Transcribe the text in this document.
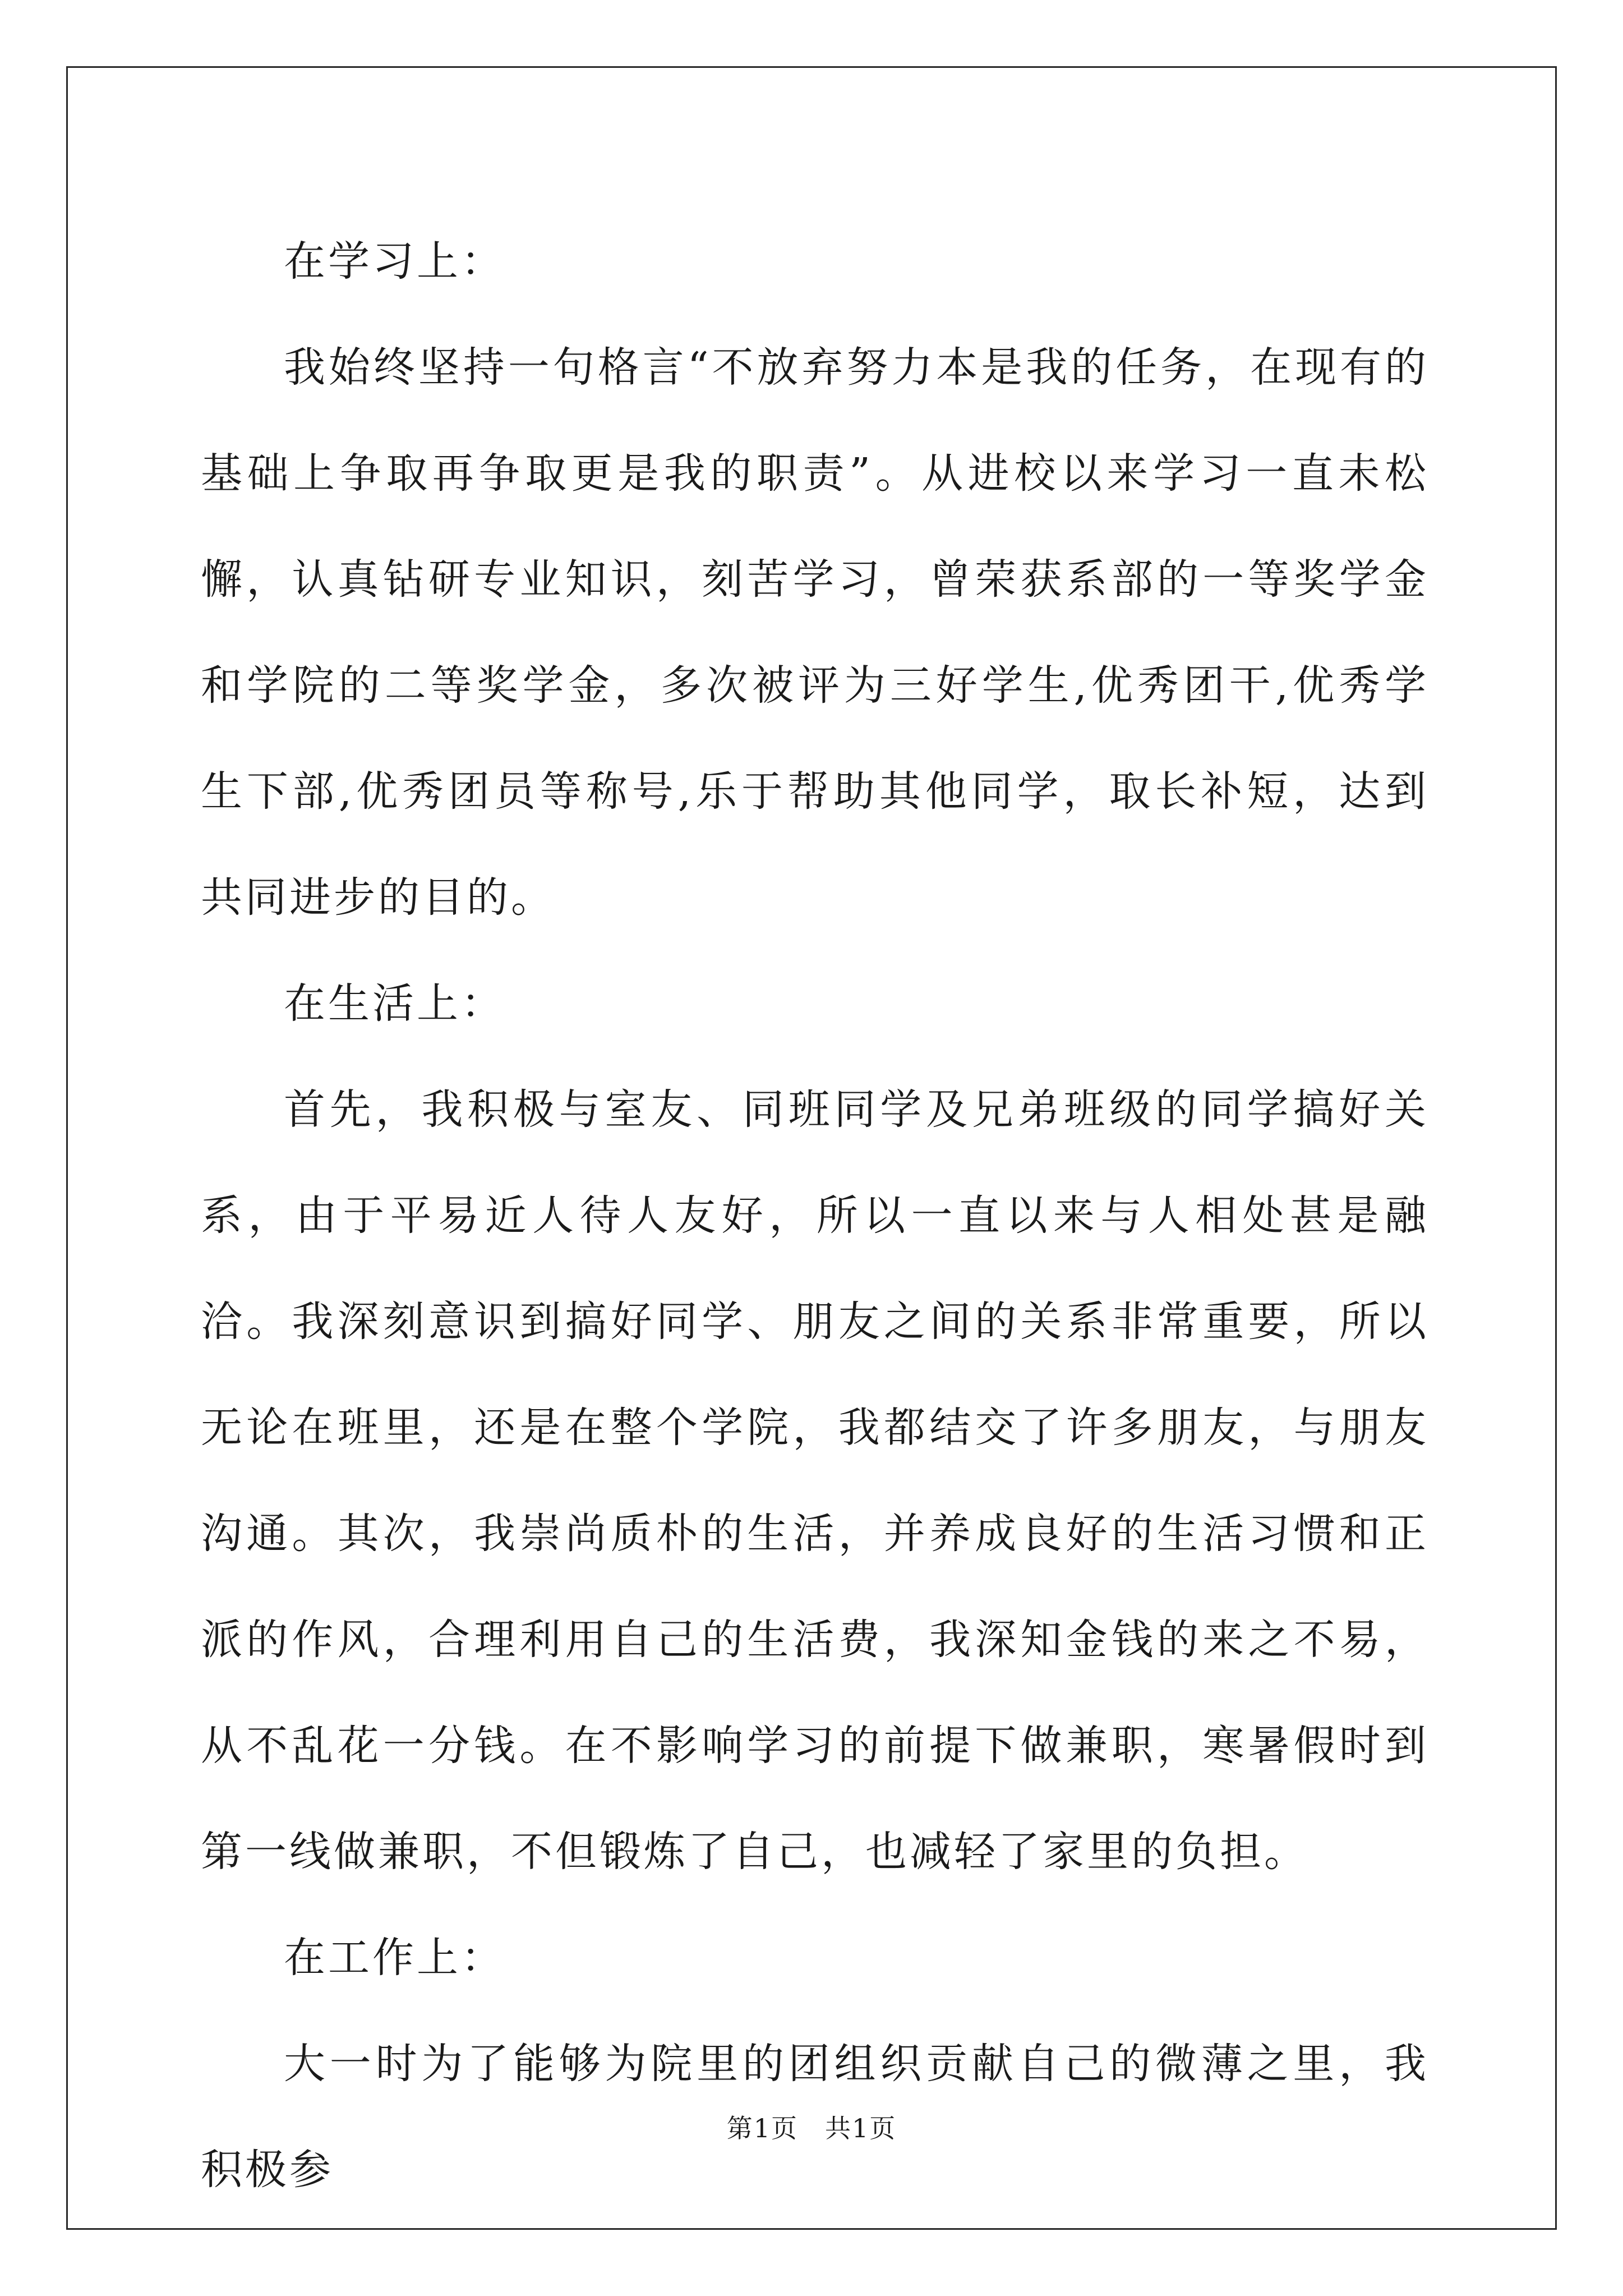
在学习上：

我始终坚持一句格言“不放弃努力本是我的任务，在现有的基础上争取再争取更是我的职责”。从进校以来学习一直未松懈，认真钻研专业知识，刻苦学习，曾荣获系部的一等奖学金和学院的二等奖学金，多次被评为三好学生,优秀团干,优秀学生下部,优秀团员等称号,乐于帮助其他同学，取长补短，达到共同进步的目的。

在生活上：

首先，我积极与室友、同班同学及兄弟班级的同学搞好关系，由于平易近人待人友好，所以一直以来与人相处甚是融洽。我深刻意识到搞好同学、朋友之间的关系非常重要，所以无论在班里，还是在整个学院，我都结交了许多朋友，与朋友沟通。其次，我崇尚质朴的生活，并养成良好的生活习惯和正派的作风，合理利用自己的生活费，我深知金钱的来之不易，从不乱花一分钱。在不影响学习的前提下做兼职，寒暑假时到第一线做兼职，不但锻炼了自己，也减轻了家里的负担。

在工作上：

大一时为了能够为院里的团组织贡献自己的微薄之里，我积极参

第1页　共1页
